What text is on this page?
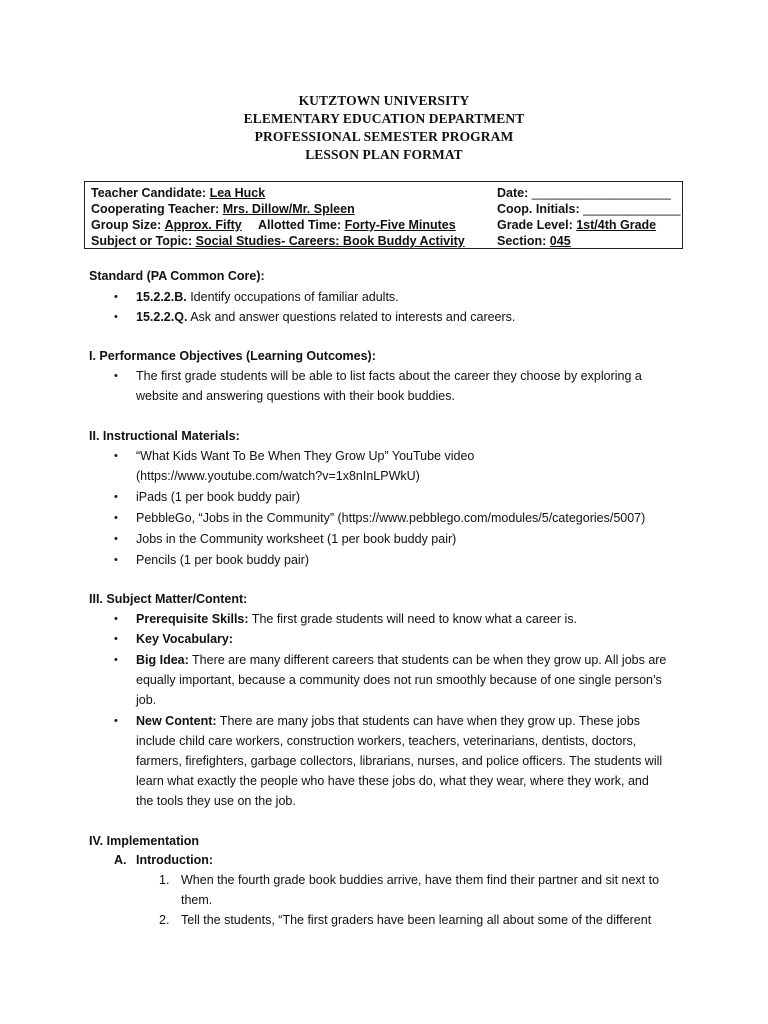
KUTZTOWN UNIVERSITY
ELEMENTARY EDUCATION DEPARTMENT
PROFESSIONAL SEMESTER PROGRAM
LESSON PLAN FORMAT
Teacher Candidate: Lea Huck	Date: ____________________
Cooperating Teacher: Mrs. Dillow/Mr. Spleen	Coop. Initials: ______________
Group Size: Approx. Fifty Allotted Time: Forty-Five Minutes	Grade Level: 1st/4th Grade
Subject or Topic: Social Studies- Careers: Book Buddy Activity	Section: 045
Standard (PA Common Core):
• 15.2.2.B. Identify occupations of familiar adults.
• 15.2.2.Q. Ask and answer questions related to interests and careers.
I. Performance Objectives (Learning Outcomes):
• The first grade students will be able to list facts about the career they choose by exploring a
website and answering questions with their book buddies.
II. Instructional Materials:
• “What Kids Want To Be When They Grow Up” YouTube video
(https://www.youtube.com/watch?v=1x8nInLPWkU)
• iPads (1 per book buddy pair)
• PebbleGo, “Jobs in the Community” (https://www.pebblego.com/modules/5/categories/5007)
• Jobs in the Community worksheet (1 per book buddy pair)
• Pencils (1 per book buddy pair)
III. Subject Matter/Content:
• Prerequisite Skills: The first grade students will need to know what a career is.
• Key Vocabulary:
• Big Idea: There are many different careers that students can be when they grow up. All jobs are
equally important, because a community does not run smoothly because of one single person’s
job.
• New Content: There are many jobs that students can have when they grow up. These jobs
include child care workers, construction workers, teachers, veterinarians, dentists, doctors,
farmers, firefighters, garbage collectors, librarians, nurses, and police officers. The students will
learn what exactly the people who have these jobs do, what they wear, where they work, and
the tools they use on the job.
IV. Implementation
A. Introduction:
1. When the fourth grade book buddies arrive, have them find their partner and sit next to
them.
2. Tell the students, “The first graders have been learning all about some of the different
